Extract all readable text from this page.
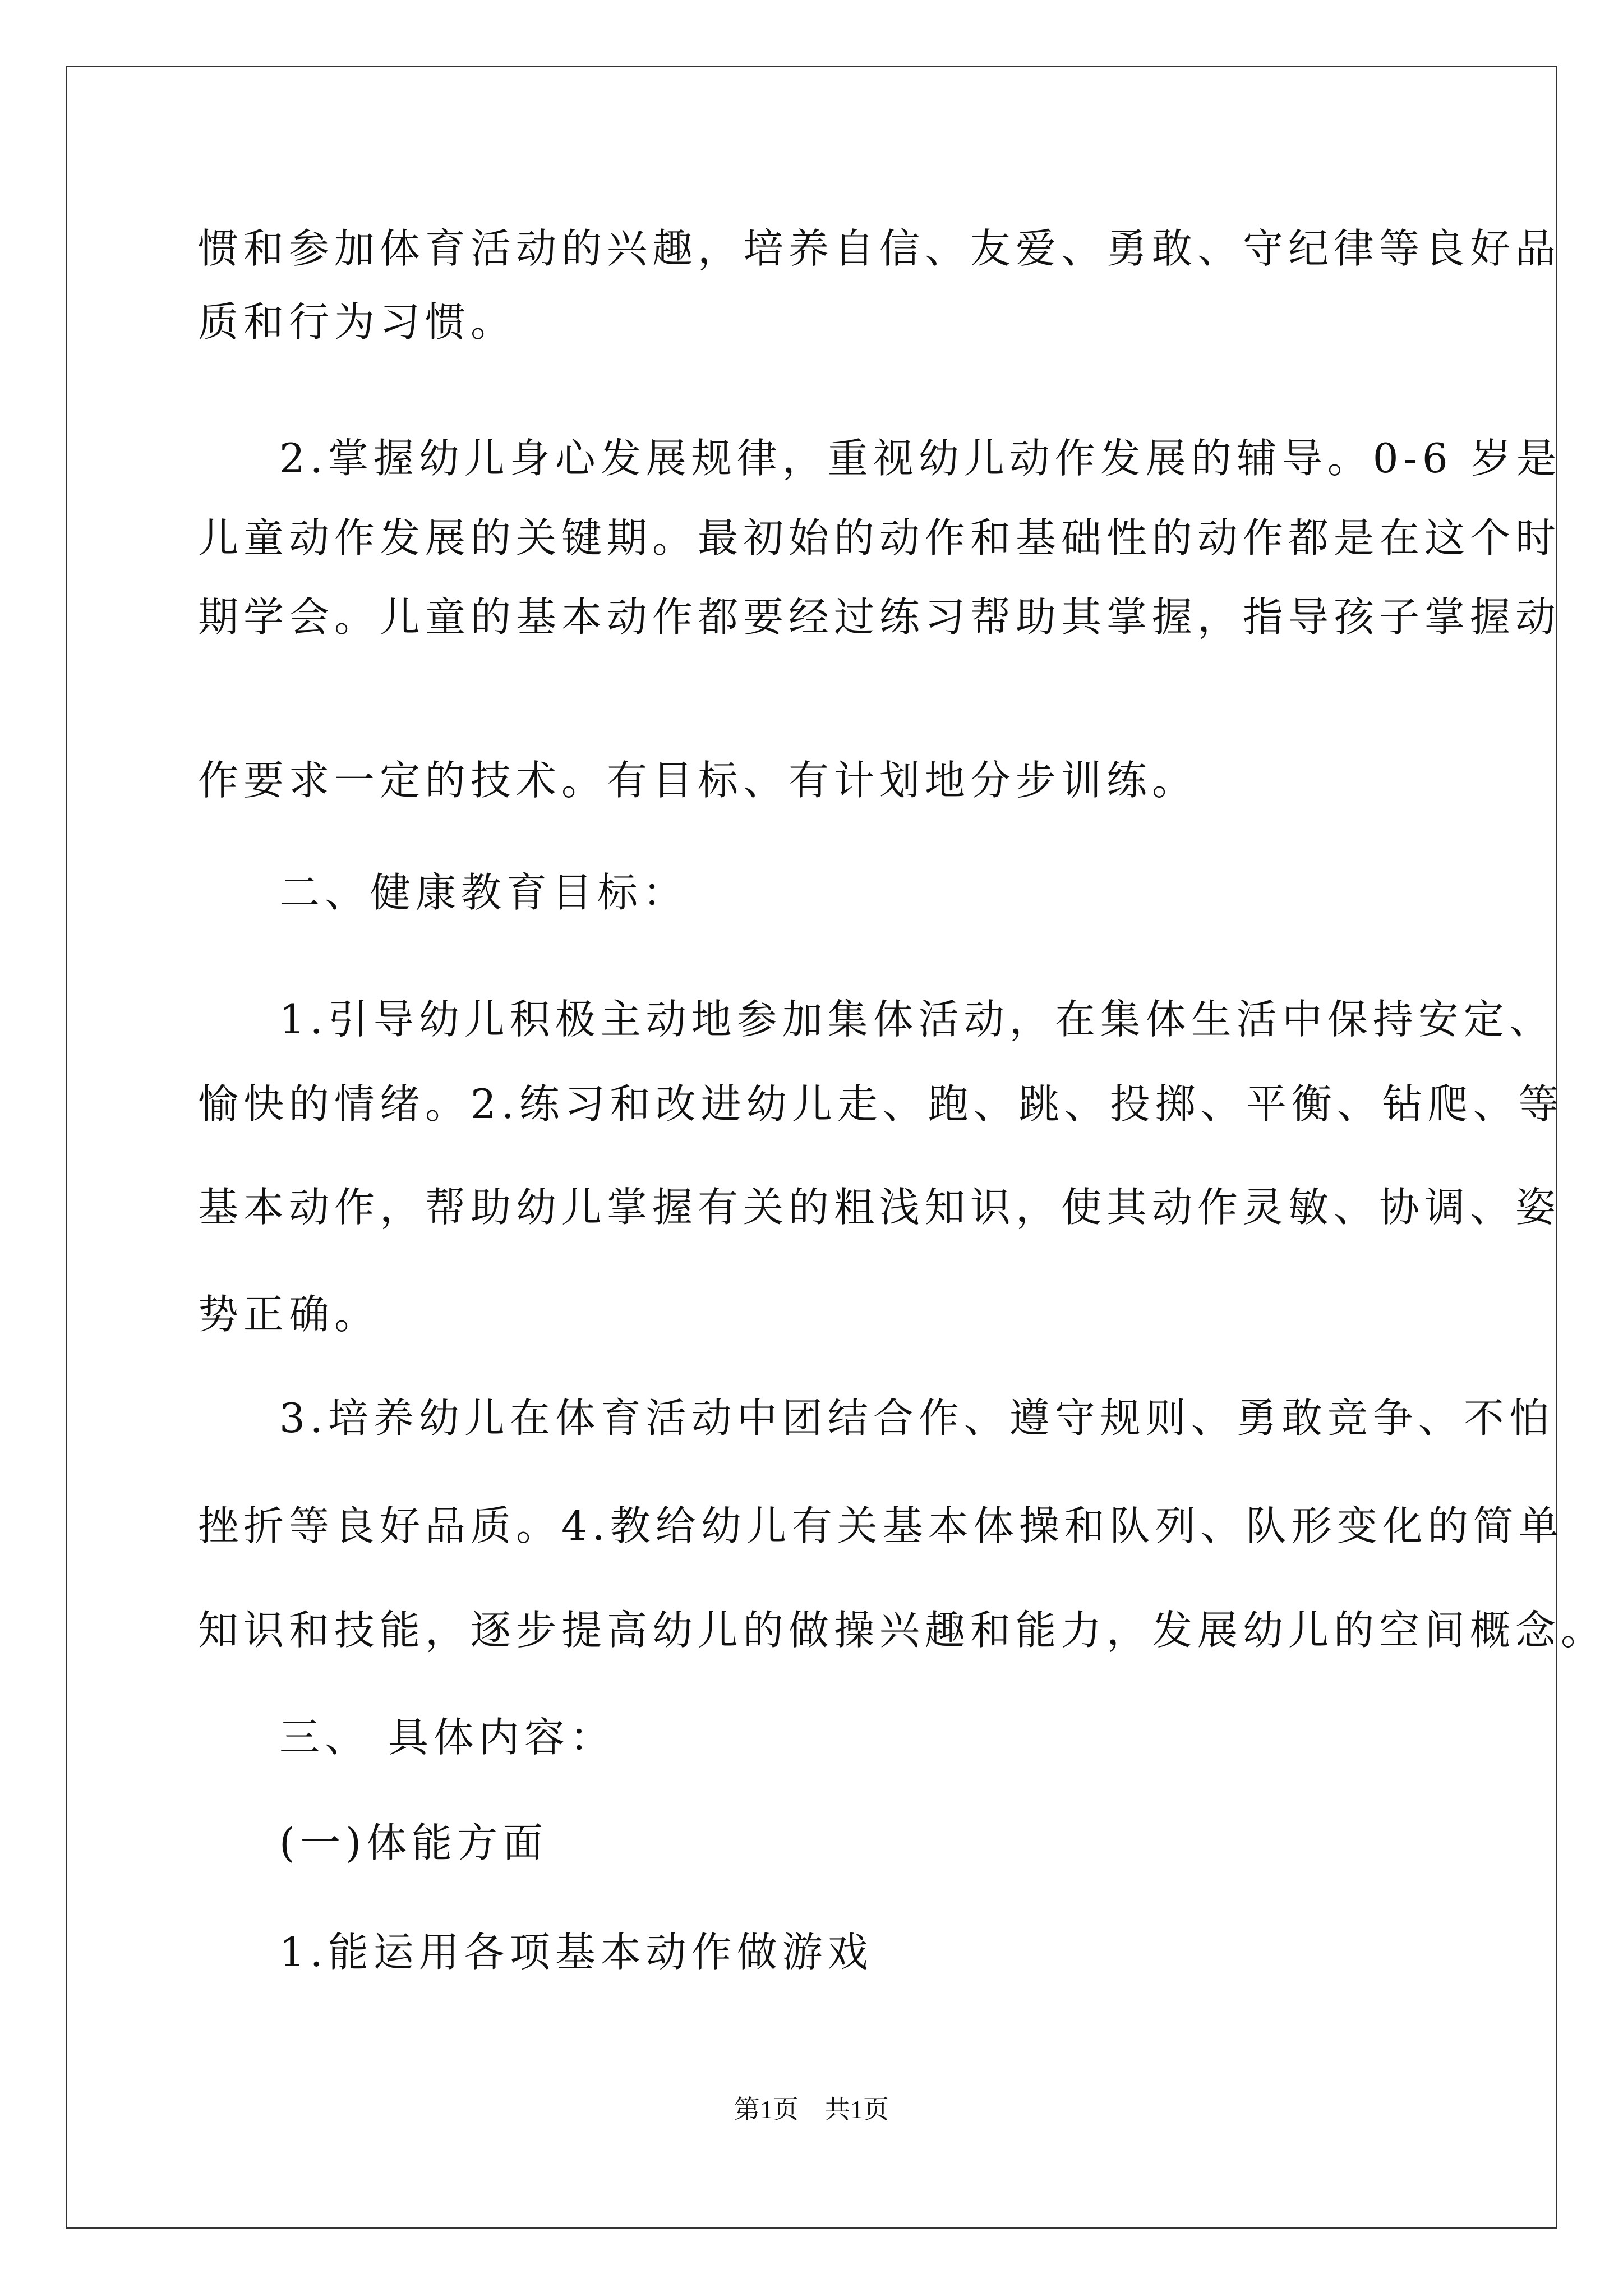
惯和参加体育活动的兴趣，培养自信、友爱、勇敢、守纪律等良好品
质和行为习惯。
2.掌握幼儿身心发展规律，重视幼儿动作发展的辅导。0-6 岁是
儿童动作发展的关键期。最初始的动作和基础性的动作都是在这个时
期学会。儿童的基本动作都要经过练习帮助其掌握，指导孩子掌握动
作要求一定的技术。有目标、有计划地分步训练。
二、健康教育目标：
1.引导幼儿积极主动地参加集体活动，在集体生活中保持安定、
愉快的情绪。2.练习和改进幼儿走、跑、跳、投掷、平衡、钻爬、等
基本动作，帮助幼儿掌握有关的粗浅知识，使其动作灵敏、协调、姿
势正确。
3.培养幼儿在体育活动中团结合作、遵守规则、勇敢竞争、不怕
挫折等良好品质。4.教给幼儿有关基本体操和队列、队形变化的简单
知识和技能，逐步提高幼儿的做操兴趣和能力，发展幼儿的空间概念。
三、 具体内容：
(一)体能方面
1.能运用各项基本动作做游戏
第1页　共1页
